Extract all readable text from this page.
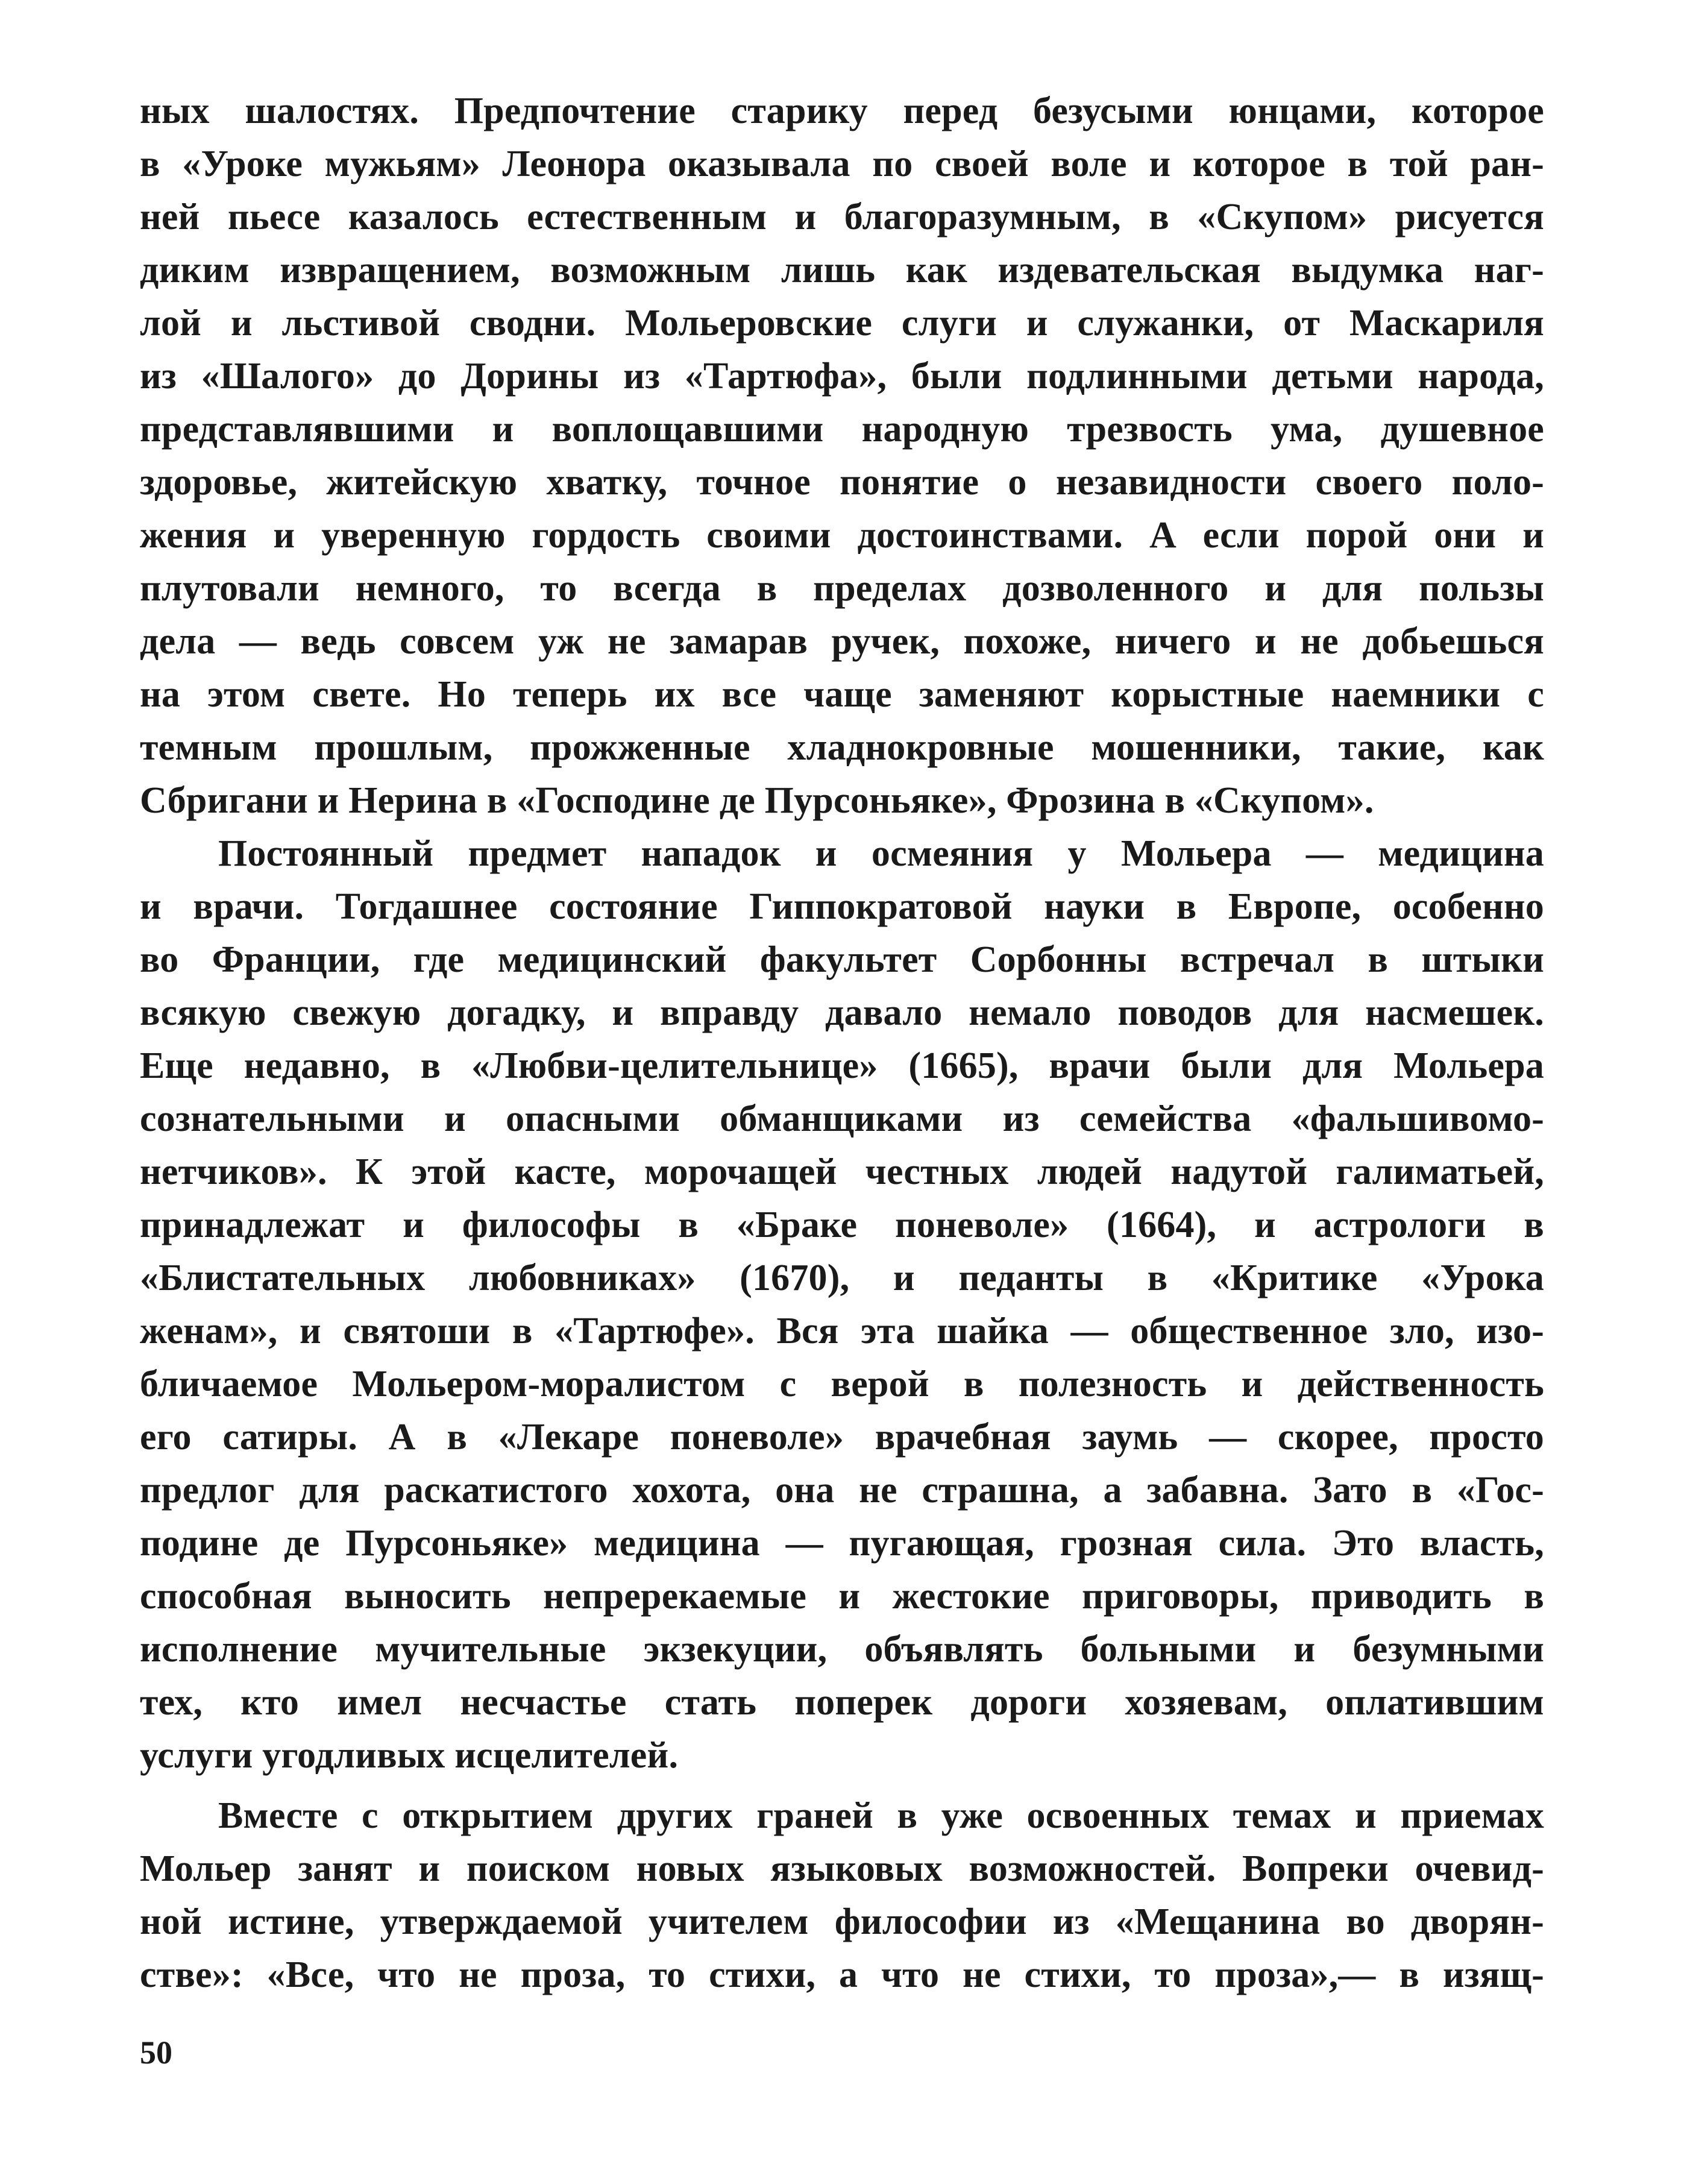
ных шалостях. Предпочтение старику перед безусыми юнцами, которое
в «Уроке мужьям» Леонора оказывала по своей воле и которое в той ран-
ней пьесе казалось естественным и благоразумным, в «Скупом» рисуется
диким извращением, возможным лишь как издевательская выдумка наг-
лой и льстивой сводни. Мольеровские слуги и служанки, от Маскариля
из «Шалого» до Дорины из «Тартюфа», были подлинными детьми народа,
представлявшими и воплощавшими народную трезвость ума, душевное
здоровье, житейскую хватку, точное понятие о незавидности своего поло-
жения и уверенную гордость своими достоинствами. А если порой они и
плутовали немного, то всегда в пределах дозволенного и для пользы
дела — ведь совсем уж не замарав ручек, похоже, ничего и не добьешься
на этом свете. Но теперь их все чаще заменяют корыстные наемники с
темным прошлым, прожженные хладнокровные мошенники, такие, как
Сбригани и Нерина в «Господине де Пурсоньяке», Фрозина в «Скупом».
Постоянный предмет нападок и осмеяния у Мольера — медицина
и врачи. Тогдашнее состояние Гиппократовой науки в Европе, особенно
во Франции, где медицинский факультет Сорбонны встречал в штыки
всякую свежую догадку, и вправду давало немало поводов для насмешек.
Еще недавно, в «Любви-целительнице» (1665), врачи были для Мольера
сознательными и опасными обманщиками из семейства «фальшивомо-
нетчиков». К этой касте, морочащей честных людей надутой галиматьей,
принадлежат и философы в «Браке поневоле» (1664), и астрологи в
«Блистательных любовниках» (1670), и педанты в «Критике «Урока
женам», и святоши в «Тартюфе». Вся эта шайка — общественное зло, изо-
бличаемое Мольером-моралистом с верой в полезность и действенность
его сатиры. А в «Лекаре поневоле» врачебная заумь — скорее, просто
предлог для раскатистого хохота, она не страшна, а забавна. Зато в «Гос-
подине де Пурсоньяке» медицина — пугающая, грозная сила. Это власть,
способная выносить непререкаемые и жестокие приговоры, приводить в
исполнение мучительные экзекуции, объявлять больными и безумными
тех, кто имел несчастье стать поперек дороги хозяевам, оплатившим
услуги угодливых исцелителей.
Вместе с открытием других граней в уже освоенных темах и приемах
Мольер занят и поиском новых языковых возможностей. Вопреки очевид-
ной истине, утверждаемой учителем философии из «Мещанина во дворян-
стве»: «Все, что не проза, то стихи, а что не стихи, то проза»,— в изящ-
50
